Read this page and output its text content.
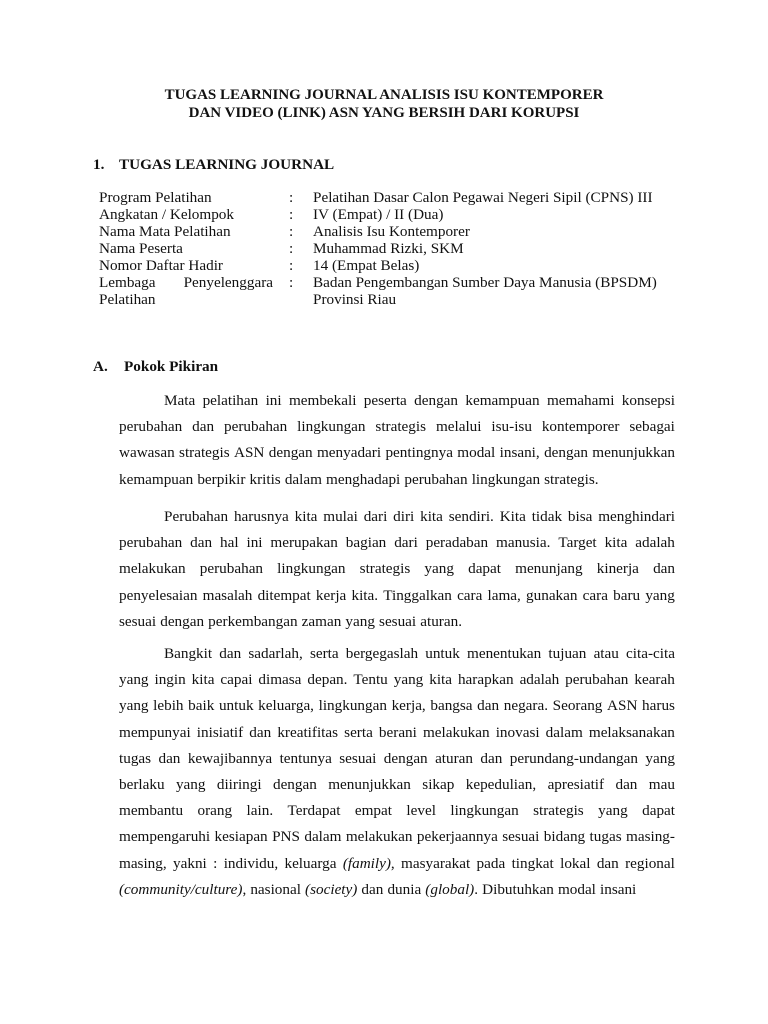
TUGAS LEARNING JOURNAL ANALISIS ISU KONTEMPORER
DAN VIDEO (LINK) ASN YANG BERSIH DARI KORUPSI
1. TUGAS LEARNING JOURNAL
Program Pelatihan	: Pelatihan Dasar Calon Pegawai Negeri Sipil (CPNS) III
Angkatan / Kelompok	: IV (Empat) / II (Dua)
Nama Mata Pelatihan	: Analisis Isu Kontemporer
Nama Peserta	: Muhammad Rizki, SKM
Nomor Daftar Hadir	: 14 (Empat Belas)
Lembaga Penyelenggara : Badan Pengembangan Sumber Daya Manusia (BPSDM)
Pelatihan	Provinsi Riau
A. Pokok Pikiran
Mata pelatihan ini membekali peserta dengan kemampuan memahami konsepsi
perubahan dan perubahan lingkungan strategis melalui isu-isu kontemporer sebagai
wawasan strategis ASN dengan menyadari pentingnya modal insani, dengan menunjukkan
kemampuan berpikir kritis dalam menghadapi perubahan lingkungan strategis.
Perubahan harusnya kita mulai dari diri kita sendiri. Kita tidak bisa menghindari
perubahan dan hal ini merupakan bagian dari peradaban manusia. Target kita adalah
melakukan perubahan lingkungan strategis yang dapat menunjang kinerja dan
penyelesaian masalah ditempat kerja kita. Tinggalkan cara lama, gunakan cara baru yang
sesuai dengan perkembangan zaman yang sesuai aturan.
Bangkit dan sadarlah, serta bergegaslah untuk menentukan tujuan atau cita-cita
yang ingin kita capai dimasa depan. Tentu yang kita harapkan adalah perubahan kearah
yang lebih baik untuk keluarga, lingkungan kerja, bangsa dan negara. Seorang ASN harus
mempunyai inisiatif dan kreatifitas serta berani melakukan inovasi dalam melaksanakan
tugas dan kewajibannya tentunya sesuai dengan aturan dan perundang-undangan yang
berlaku yang diiringi dengan menunjukkan sikap kepedulian, apresiatif dan mau
membantu orang lain. Terdapat empat level lingkungan strategis yang dapat
mempengaruhi kesiapan PNS dalam melakukan pekerjaannya sesuai bidang tugas masing-
masing, yakni : individu, keluarga (family), masyarakat pada tingkat lokal dan regional
(community/culture), nasional (society) dan dunia (global). Dibutuhkan modal insani
